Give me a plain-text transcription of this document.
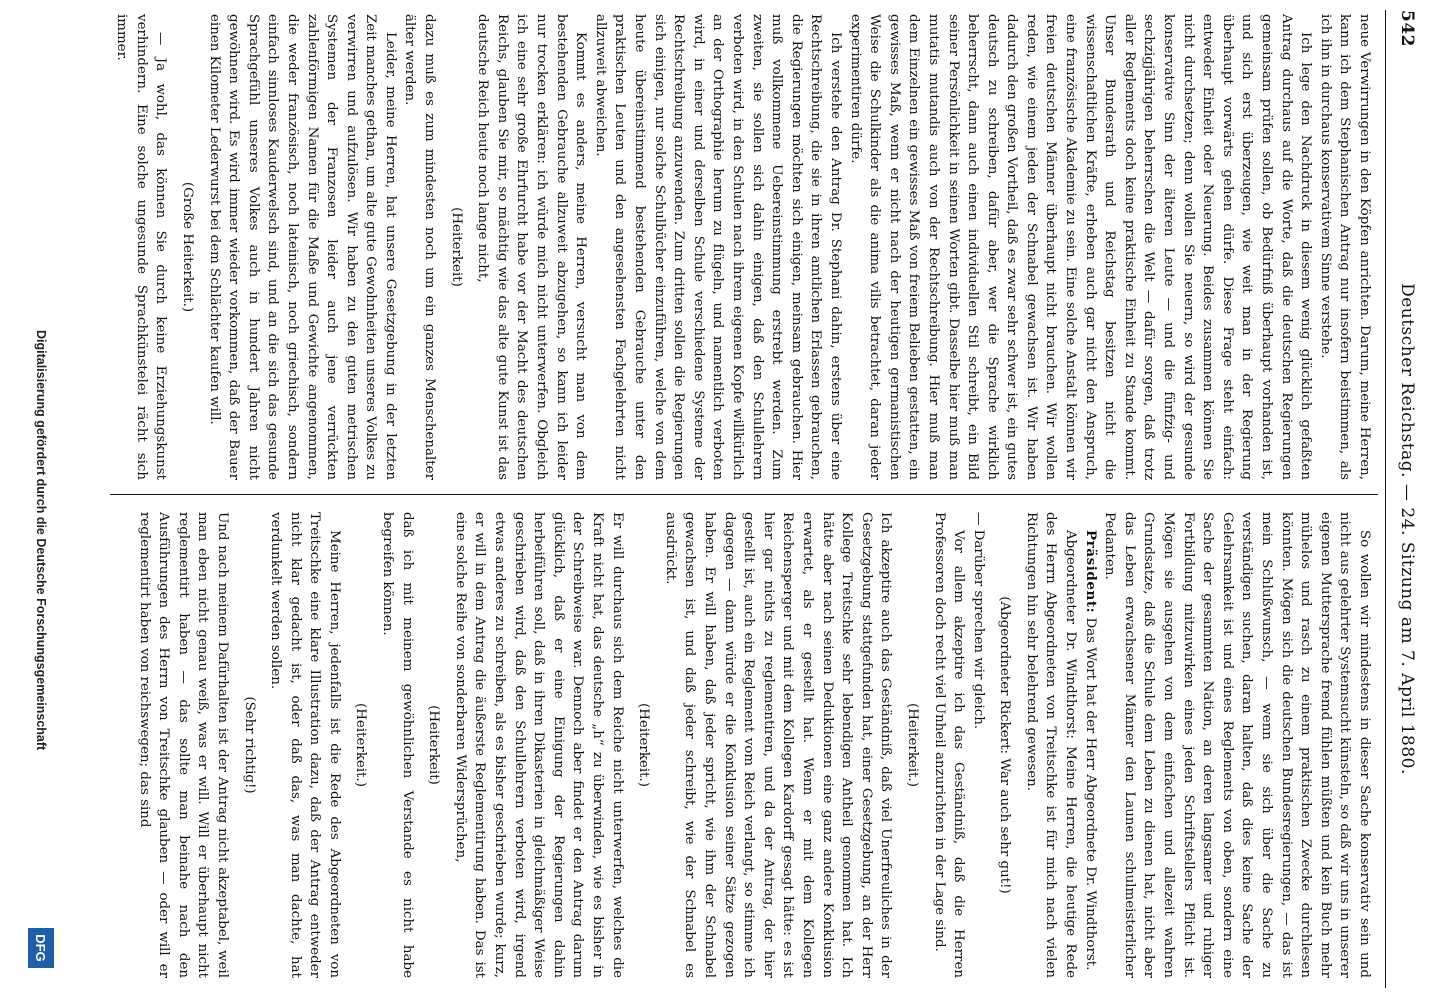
542
Deutscher Reichstag. — 24. Sitzung am 7. April 1880.

neue Verwirrungen in den Köpfen anrichten. Darum, meine Herren, kann ich dem Stephanischen Antrag nur insofern beistimmen, als ich ihn in durchaus konservativem Sinne verstehe.

Ich lege den Nachdruck in diesem wenig glücklich gefaßten Antrag durchaus auf die Worte, daß die deutschen Regierungen gemeinsam prüfen sollen, ob Bedürfniß überhaupt vorhanden ist, und sich erst überzeugen, wie weit man in der Regierung überhaupt vorwärts gehen dürfe. Diese Frage steht einfach: entweder Einheit oder Neuerung. Beides zusammen können Sie nicht durchsetzen; denn wollen Sie neuern, so wird der gesunde konservative Sinn der älteren Leute — und die fünfzig- und sechzigjährigen beherrschen die Welt — dafür sorgen, daß trotz aller Reglements doch keine praktische Einheit zu Stande kommt. Unser Bundesrath und Reichstag besitzen nicht die wissenschaftlichen Kräfte, erheben auch gar nicht den Anspruch, eine französische Akademie zu sein. Eine solche Anstalt können wir freien deutschen Männer überhaupt nicht brauchen. Wir wollen reden, wie einem jeden der Schnabel gewachsen ist. Wir haben dadurch den großen Vortheil, daß es zwar sehr schwer ist, ein gutes deutsch zu schreiben, dafür aber, wer die Sprache wirklich beherrscht, dann auch einen individuellen Stil schreibt, ein Bild seiner Persönlichkeit in seinen Worten gibt. Dasselbe hier muß man mutatis mutandis auch von der Rechtschreibung. Hier muß man dem Einzelnen ein gewisses Maß von freiem Belieben gestatten, ein gewisses Maß, wenn er nicht nach der heutigen germanistischen Weise die Schulkinder als die anima vilis betrachtet, daran jeder experimentiren dürfe.

Ich verstehe den Antrag Dr. Stephani dahin, erstens über eine Rechtschreibung, die sie in ihren amtlichen Erlassen gebrauchen, die Regierungen möchten sich einigen, meinsam gebrauchen. Hier muß vollkommene Uebereinstimmung erstrebt werden. Zum zweiten, sie sollen sich dahin einigen, daß den Schullehrern verboten wird, in den Schulen nach ihrem eigenen Kopfe willkürlich an der Orthographie herum zu flügeln, und namentlich verboten wird, in einer und derselben Schule verschiedene Systeme der Rechtschreibung anzuwenden. Zum dritten sollen die Regierungen sich einigen, nur solche Schulbücher einzuführen, welche von dem heute übereinstimmend bestehenden Gebrauche unter den praktischen Leuten und den angesehensten Fachgelehrten nicht allzuweit abweichen.

Kommt es anders, meine Herren, versucht man von dem bestehenden Gebrauche allzuweit abzugehen, so kann ich leider nur trocken erklären: ich würde mich nicht unterwerfen. Obgleich ich eine sehr große Ehrfurcht habe vor der Macht des deutschen Reichs, glauben Sie mir, so mächtig wie das alte gute Kunst ist das deutsche Reich heute noch lange nicht,

(Heiterkeit)

dazu muß es zum mindesten noch um ein ganzes Menschenalter älter werden.

Leider, meine Herren, hat unsere Gesetzgebung in der letzten Zeit manches gethan, um alte gute Gewohnheiten unseres Volkes zu verwirren und aufzulösen. Wir haben zu den guten metrischen Systemen der Franzosen leider auch jene verrückten zahlenförmigen Namen für die Maße und Gewichte angenommen, die weder französisch, noch lateinisch, noch griechisch, sondern einfach sinnloses Kauderwelsch sind, und an die sich das gesunde Sprachgefühl unseres Volkes auch in hundert Jahren nicht gewöhnen wird. Es wird immer wieder vorkommen, daß der Bauer einen Kilometer Lederwurst bei dem Schlächter kaufen will.

(Große Heiterkeit.)

— Ja wohl, das können Sie durch keine Erziehungskunst verhindern. Eine solche ungesunde Sprachkünstelei rächt sich immer.

So wollen wir mindestens in dieser Sache konservativ sein und nicht aus gelehrter Systemsucht künsteln, so daß wir uns in unserer eigenen Muttersprache fremd fühlen müßten und kein Buch mehr mühelos und rasch zu einem praktischen Zwecke durchlesen könnten. Mögen sich die deutschen Bundesregierungen, — das ist mein Schlußwunsch, — wenn sie sich über die Sache zu verständigen suchen, daran halten, daß dies keine Sache der Gelehrsamkeit ist und eines Reglements von oben, sondern eine Sache der gesammten Nation, an deren langsamer und ruhiger Fortbildung mitzuwirken eines jeden Schriftstellers Pflicht ist. Mögen sie ausgehen von dem einfachen und allezeit wahren Grundsatze, daß die Schule dem Leben zu dienen hat, nicht aber das Leben erwachsener Männer den Launen schulmeisterlicher Pedanten.

Präsident: Das Wort hat der Herr Abgeordnete Dr. Windthorst.

Abgeordneter Dr. Windthorst: Meine Herren, die heutige Rede des Herrn Abgeordneten von Treitschke ist für mich nach vielen Richtungen hin sehr belehrend gewesen.

(Abgeordneter Rickert: War auch sehr gut!)

— Darüber sprechen wir gleich.

Vor allem akzeptire ich das Geständniß, daß die Herren Professoren doch recht viel Unheil anzurichten in der Lage sind.

(Heiterkeit.)

Ich akzeptire auch das Geständniß, daß viel Unerfreuliches in der Gesetzgebung stattgefunden hat, einer Gesetzgebung, an der Herr Kollege Treitschke sehr lebendigen Antheil genommen hat. Ich hätte aber nach seinen Deduktionen eine ganz andere Konklusion erwartet, als er gestellt hat. Wenn er mit dem Kollegen Reichensperger und mit dem Kollegen Kardorff gesagt hätte: es ist hier gar nichts zu reglementiren, und da der Antrag, der hier gestellt ist, auch ein Reglement vom Reich verlangt, so stimme ich dagegen — dann würde er die Konklusion seiner Sätze gezogen haben. Er will haben, daß jeder spricht, wie ihm der Schnabel gewachsen ist, und daß jeder schreibt, wie der Schnabel es ausdrückt.

(Heiterkeit.)

Er will durchaus sich dem Reiche nicht unterwerfen, welches die Kraft nicht hat, das deutsche „h“ zu überwinden, wie es bisher in der Schreibweise war. Dennoch aber findet er den Antrag darum glücklich, daß er eine Einigung der Regierungen dahin herbeiführen soll, daß in ihren Dikasterien in gleichmäßiger Weise geschrieben wird, daß den Schullehrern verboten wird, irgend etwas anderes zu schreiben, als es bisher geschrieben wurde; kurz, er will in dem Antrag die äußerste Reglementirung haben. Das ist eine solche Reihe von sonderbaren Widersprüchen,

(Heiterkeit)

daß ich mit meinem gewöhnlichen Verstande es nicht habe begreifen können.

(Heiterkeit.)

Meine Herren, jedenfalls ist die Rede des Abgeordneten von Treitschke eine klare Illustration dazu, daß der Antrag entweder nicht klar gedacht ist, oder daß das, was man dachte, hat verdunkelt werden sollen.

(Sehr richtig!)

Und nach meinem Dafürhalten ist der Antrag nicht akzeptabel, weil man eben nicht genau weiß, was er will. Will er überhaupt nicht reglementirt haben — das sollte man beinahe nach den Ausführungen des Herrn von Treitschke glauben — oder will er reglementirt haben von reichswegen; das sind

Digitalisierung gefördert durch die Deutsche Forschungsgemeinschaft
DFG
